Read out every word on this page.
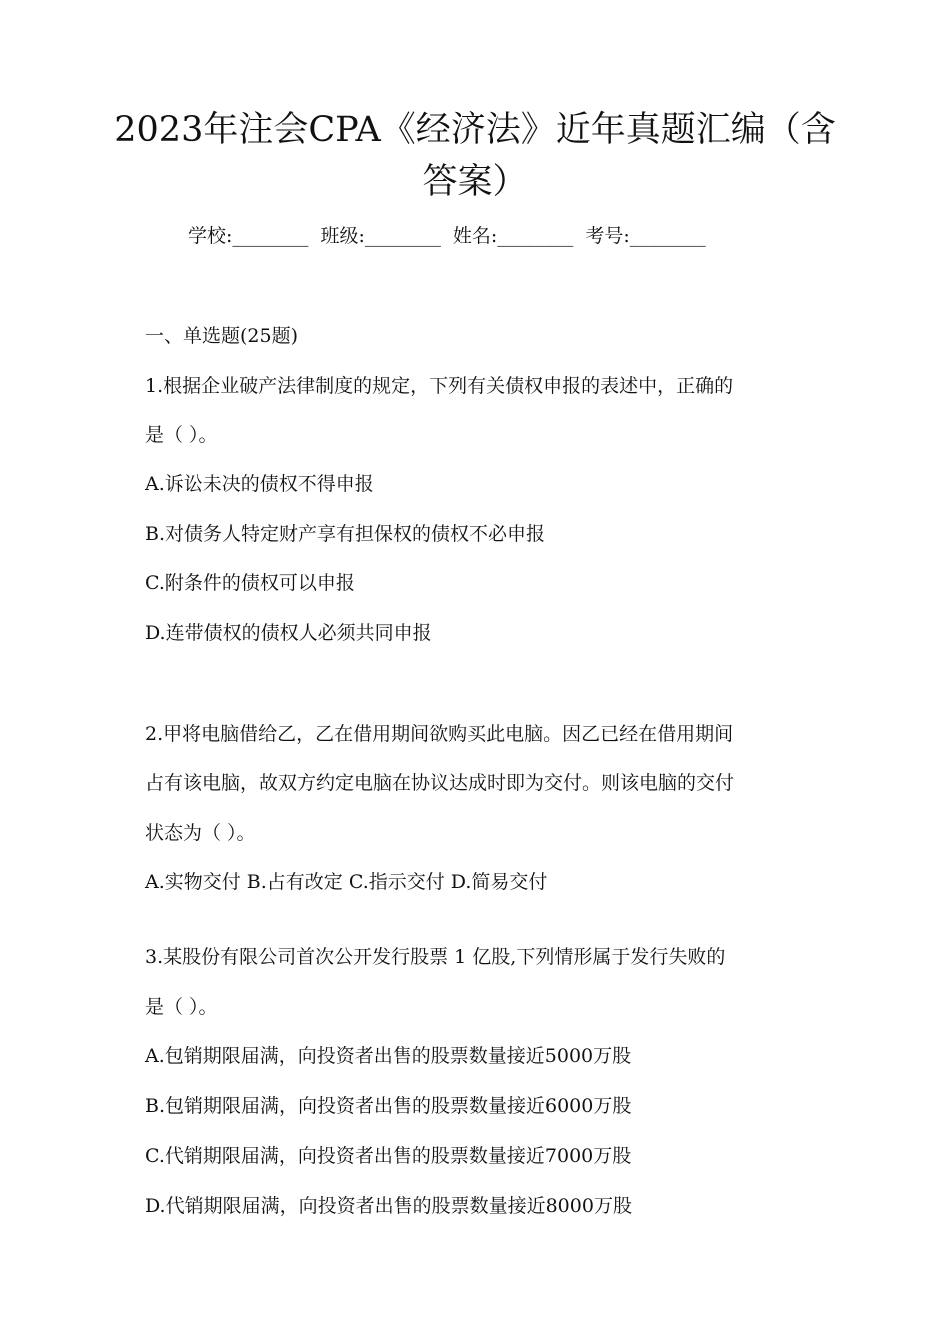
2023年注会CPA《经济法》近年真题汇编（含
答案）
学校:________ 班级:________ 姓名:________ 考号:________
一、单选题(25题)
1.根据企业破产法律制度的规定，下列有关债权申报的表述中，正确的
是（ ）。
A.诉讼未决的债权不得申报
B.对债务人特定财产享有担保权的债权不必申报
C.附条件的债权可以申报
D.连带债权的债权人必须共同申报
2.甲将电脑借给乙，乙在借用期间欲购买此电脑。因乙已经在借用期间
占有该电脑，故双方约定电脑在协议达成时即为交付。则该电脑的交付
状态为（ ）。
A.实物交付 B.占有改定 C.指示交付 D.简易交付
3.某股份有限公司首次公开发行股票 1 亿股,下列情形属于发行失败的
是（ ）。
A.包销期限届满，向投资者出售的股票数量接近5000万股
B.包销期限届满，向投资者出售的股票数量接近6000万股
C.代销期限届满，向投资者出售的股票数量接近7000万股
D.代销期限届满，向投资者出售的股票数量接近8000万股
